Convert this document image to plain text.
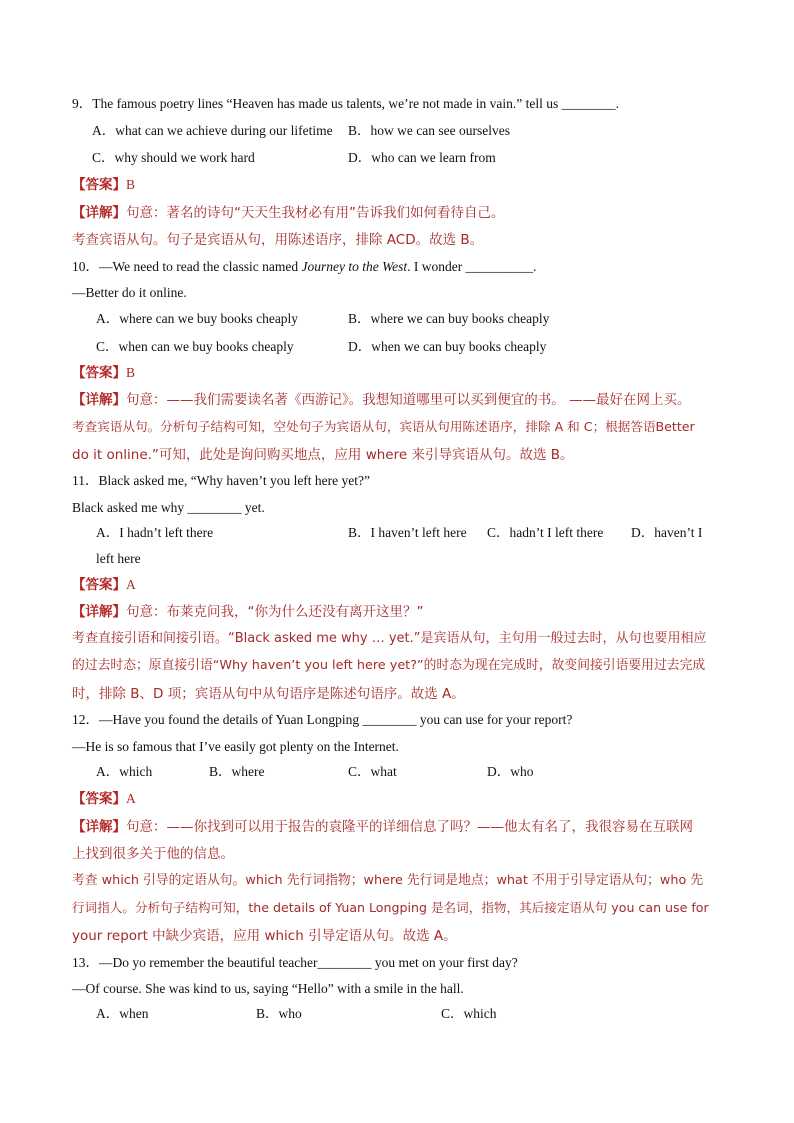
9．The famous poetry lines “Heaven has made us talents, we’re not made in vain.” tell us ________.
A．what can we achieve during our lifetime B．how we can see ourselves
C．why should we work hard	D．who can we learn from
【答案】B
【详解】句意：著名的诗句“天天生我材必有用”告诉我们如何看待自己。
考查宾语从句。句子是宾语从句，用陈述语序，排除 ACD。故选 B。
10．—We need to read the classic named Journey to the West. I wonder __________.
—Better do it online.
A．where can we buy books cheaply	B．where we can buy books cheaply
C．when can we buy books cheaply	D．when we can buy books cheaply
【答案】B
【详解】句意：——我们需要读名著《西游记》。我想知道哪里可以买到便宜的书。 ——最好在网上买。
考查宾语从句。分析句子结构可知，空处句子为宾语从句，宾语从句用陈述语序，排除 A 和 C；根据答语Better
do it online.”可知，此处是询问购买地点，应用 where 来引导宾语从句。故选 B。
11．Black asked me, “Why haven’t you left here yet?”
Black asked me why ________ yet.
A．I hadn’t left there	B．I haven’t left here C．hadn’t I left there D．haven’t I
left here
【答案】A
【详解】句意：布莱克问我，“你为什么还没有离开这里？”
考查直接引语和间接引语。“Black asked me why … yet.”是宾语从句，主句用一般过去时，从句也要用相应
的过去时态；原直接引语“Why haven’t you left here yet?”的时态为现在完成时，故变间接引语要用过去完成
时，排除 B、D 项；宾语从句中从句语序是陈述句语序。故选 A。
12．—Have you found the details of Yuan Longping ________ you can use for your report?
—He is so famous that I’ve easily got plenty on the Internet.
A．which	B．where	C．what	D．who
【答案】A
【详解】句意：——你找到可以用于报告的袁隆平的详细信息了吗？——他太有名了，我很容易在互联网
上找到很多关于他的信息。
考查 which 引导的定语从句。which 先行词指物；where 先行词是地点；what 不用于引导定语从句；who 先
行词指人。分析句子结构可知，the details of Yuan Longping 是名词，指物，其后接定语从句 you can use for
your report 中缺少宾语，应用 which 引导定语从句。故选 A。
13．—Do yo remember the beautiful teacher________ you met on your first day?
—Of course. She was kind to us, saying “Hello” with a smile in the hall.
A．when	B．who	C．which
